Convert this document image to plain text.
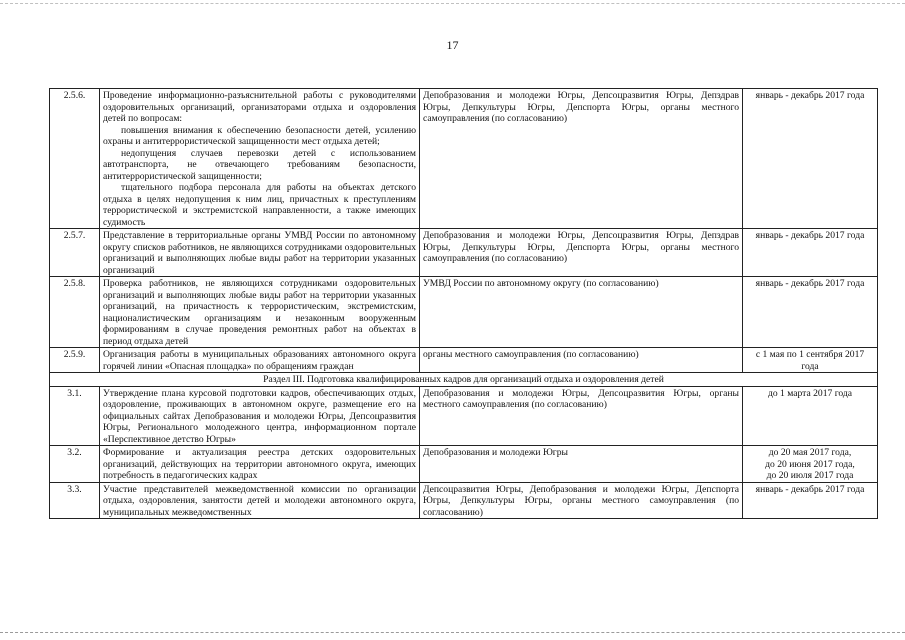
17
2.5.6.	Проведение информационно-разъяснительной работы с руководителями оздоровительных организаций, организаторами отдыха и оздоровления детей по вопросам:

повышения внимания к обеспечению безопасности детей, усилению охраны и антитеррористической защищенности мест отдыха детей;

недопущения случаев перевозки детей с использованием автотранспорта, не отвечающего требованиям безопасности, антитеррористической защищенности;

тщательного подбора персонала для работы на объектах детского отдыха в целях недопущения к ним лиц, причастных к преступлениям террористической и экстремистской направленности, а также имеющих судимость	Депобразования и молодежи Югры, Депсоцразвития Югры, Депздрав Югры, Депкультуры Югры, Депспорта Югры, органы местного самоуправления (по согласованию)	январь - декабрь 2017 года

2.5.7.	Представление в территориальные органы УМВД России по автономному округу списков работников, не являющихся сотрудниками оздоровительных организаций и выполняющих любые виды работ на территории указанных организаций	Депобразования и молодежи Югры, Депсоцразвития Югры, Депздрав Югры, Депкультуры Югры, Депспорта Югры, органы местного самоуправления (по согласованию)	январь - декабрь 2017 года

2.5.8.	Проверка работников, не являющихся сотрудниками оздоровительных организаций и выполняющих любые виды работ на территории указанных организаций, на причастность к террористическим, экстремистским, националистическим организациям и незаконным вооруженным формированиям в случае проведения ремонтных работ на объектах в период отдыха детей	УМВД России по автономному округу (по согласованию)	январь - декабрь 2017 года

2.5.9.	Организация работы в муниципальных образованиях автономного округа горячей линии «Опасная площадка» по обращениям граждан	органы местного самоуправления (по согласованию)	с 1 мая по 1 сентября 2017 года

Раздел III. Подготовка квалифицированных кадров для организаций отдыха и оздоровления детей			
3.1.	Утверждение плана курсовой подготовки кадров, обеспечивающих отдых, оздоровление, проживающих в автономном округе, размещение его на официальных сайтах Депобразования и молодежи Югры, Депсоцразвития Югры, Регионального молодежного центра, информационном портале «Перспективное детство Югры»	Депобразования и молодежи Югры, Депсоцразвития Югры, органы местного самоуправления (по согласованию)	до 1 марта 2017 года

3.2.	Формирование и актуализация реестра детских оздоровительных организаций, действующих на территории автономного округа, имеющих потребность в педагогических кадрах	Депобразования и молодежи Югры	до 20 мая 2017 года,
до 20 июня 2017 года,
до 20 июля 2017 года

3.3.	Участие представителей межведомственной комиссии по организации отдыха, оздоровления, занятости детей и молодежи автономного округа, муниципальных межведомственных	Депсоцразвития Югры, Депобразования и молодежи Югры, Депспорта Югры, Депкультуры Югры, органы местного самоуправления (по согласованию)	январь - декабрь 2017 года
